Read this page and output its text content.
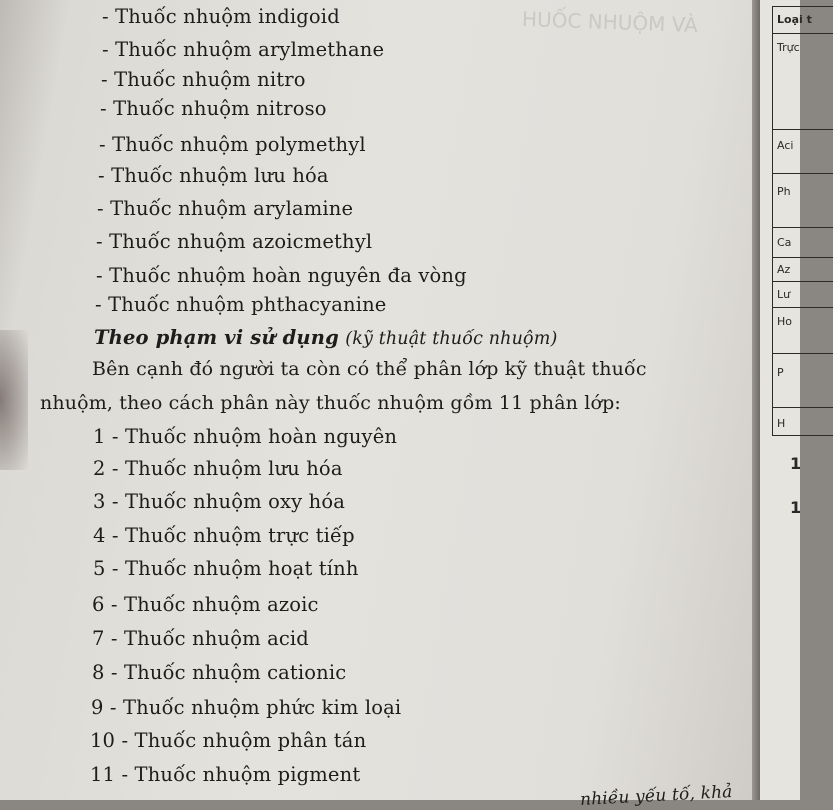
HUỐC NHUỘM VÀ
- Thuốc nhuộm indigoid
- Thuốc nhuộm arylmethane
- Thuốc nhuộm nitro
- Thuốc nhuộm nitroso
- Thuốc nhuộm polymethyl
- Thuốc nhuộm lưu hóa
- Thuốc nhuộm arylamine
- Thuốc nhuộm azoicmethyl
- Thuốc nhuộm hoàn nguyên đa vòng
- Thuốc nhuộm phthacyanine
Theo phạm vi sử dụng (kỹ thuật thuốc nhuộm)
Bên cạnh đó người ta còn có thể phân lớp kỹ thuật thuốc
nhuộm, theo cách phân này thuốc nhuộm gồm 11 phân lớp:
1 - Thuốc nhuộm hoàn nguyên
2 - Thuốc nhuộm lưu hóa
3 - Thuốc nhuộm oxy hóa
4 - Thuốc nhuộm trực tiếp
5 - Thuốc nhuộm hoạt tính
6 - Thuốc nhuộm azoic
7 - Thuốc nhuộm acid
8 - Thuốc nhuộm cationic
9 - Thuốc nhuộm phức kim loại
10 - Thuốc nhuộm phân tán
11 - Thuốc nhuộm pigment
nhiều yếu tố, khả
Loại t
Trực
Aci
Ph
Ca
Az
Lư
Ho
P
H
1
1
